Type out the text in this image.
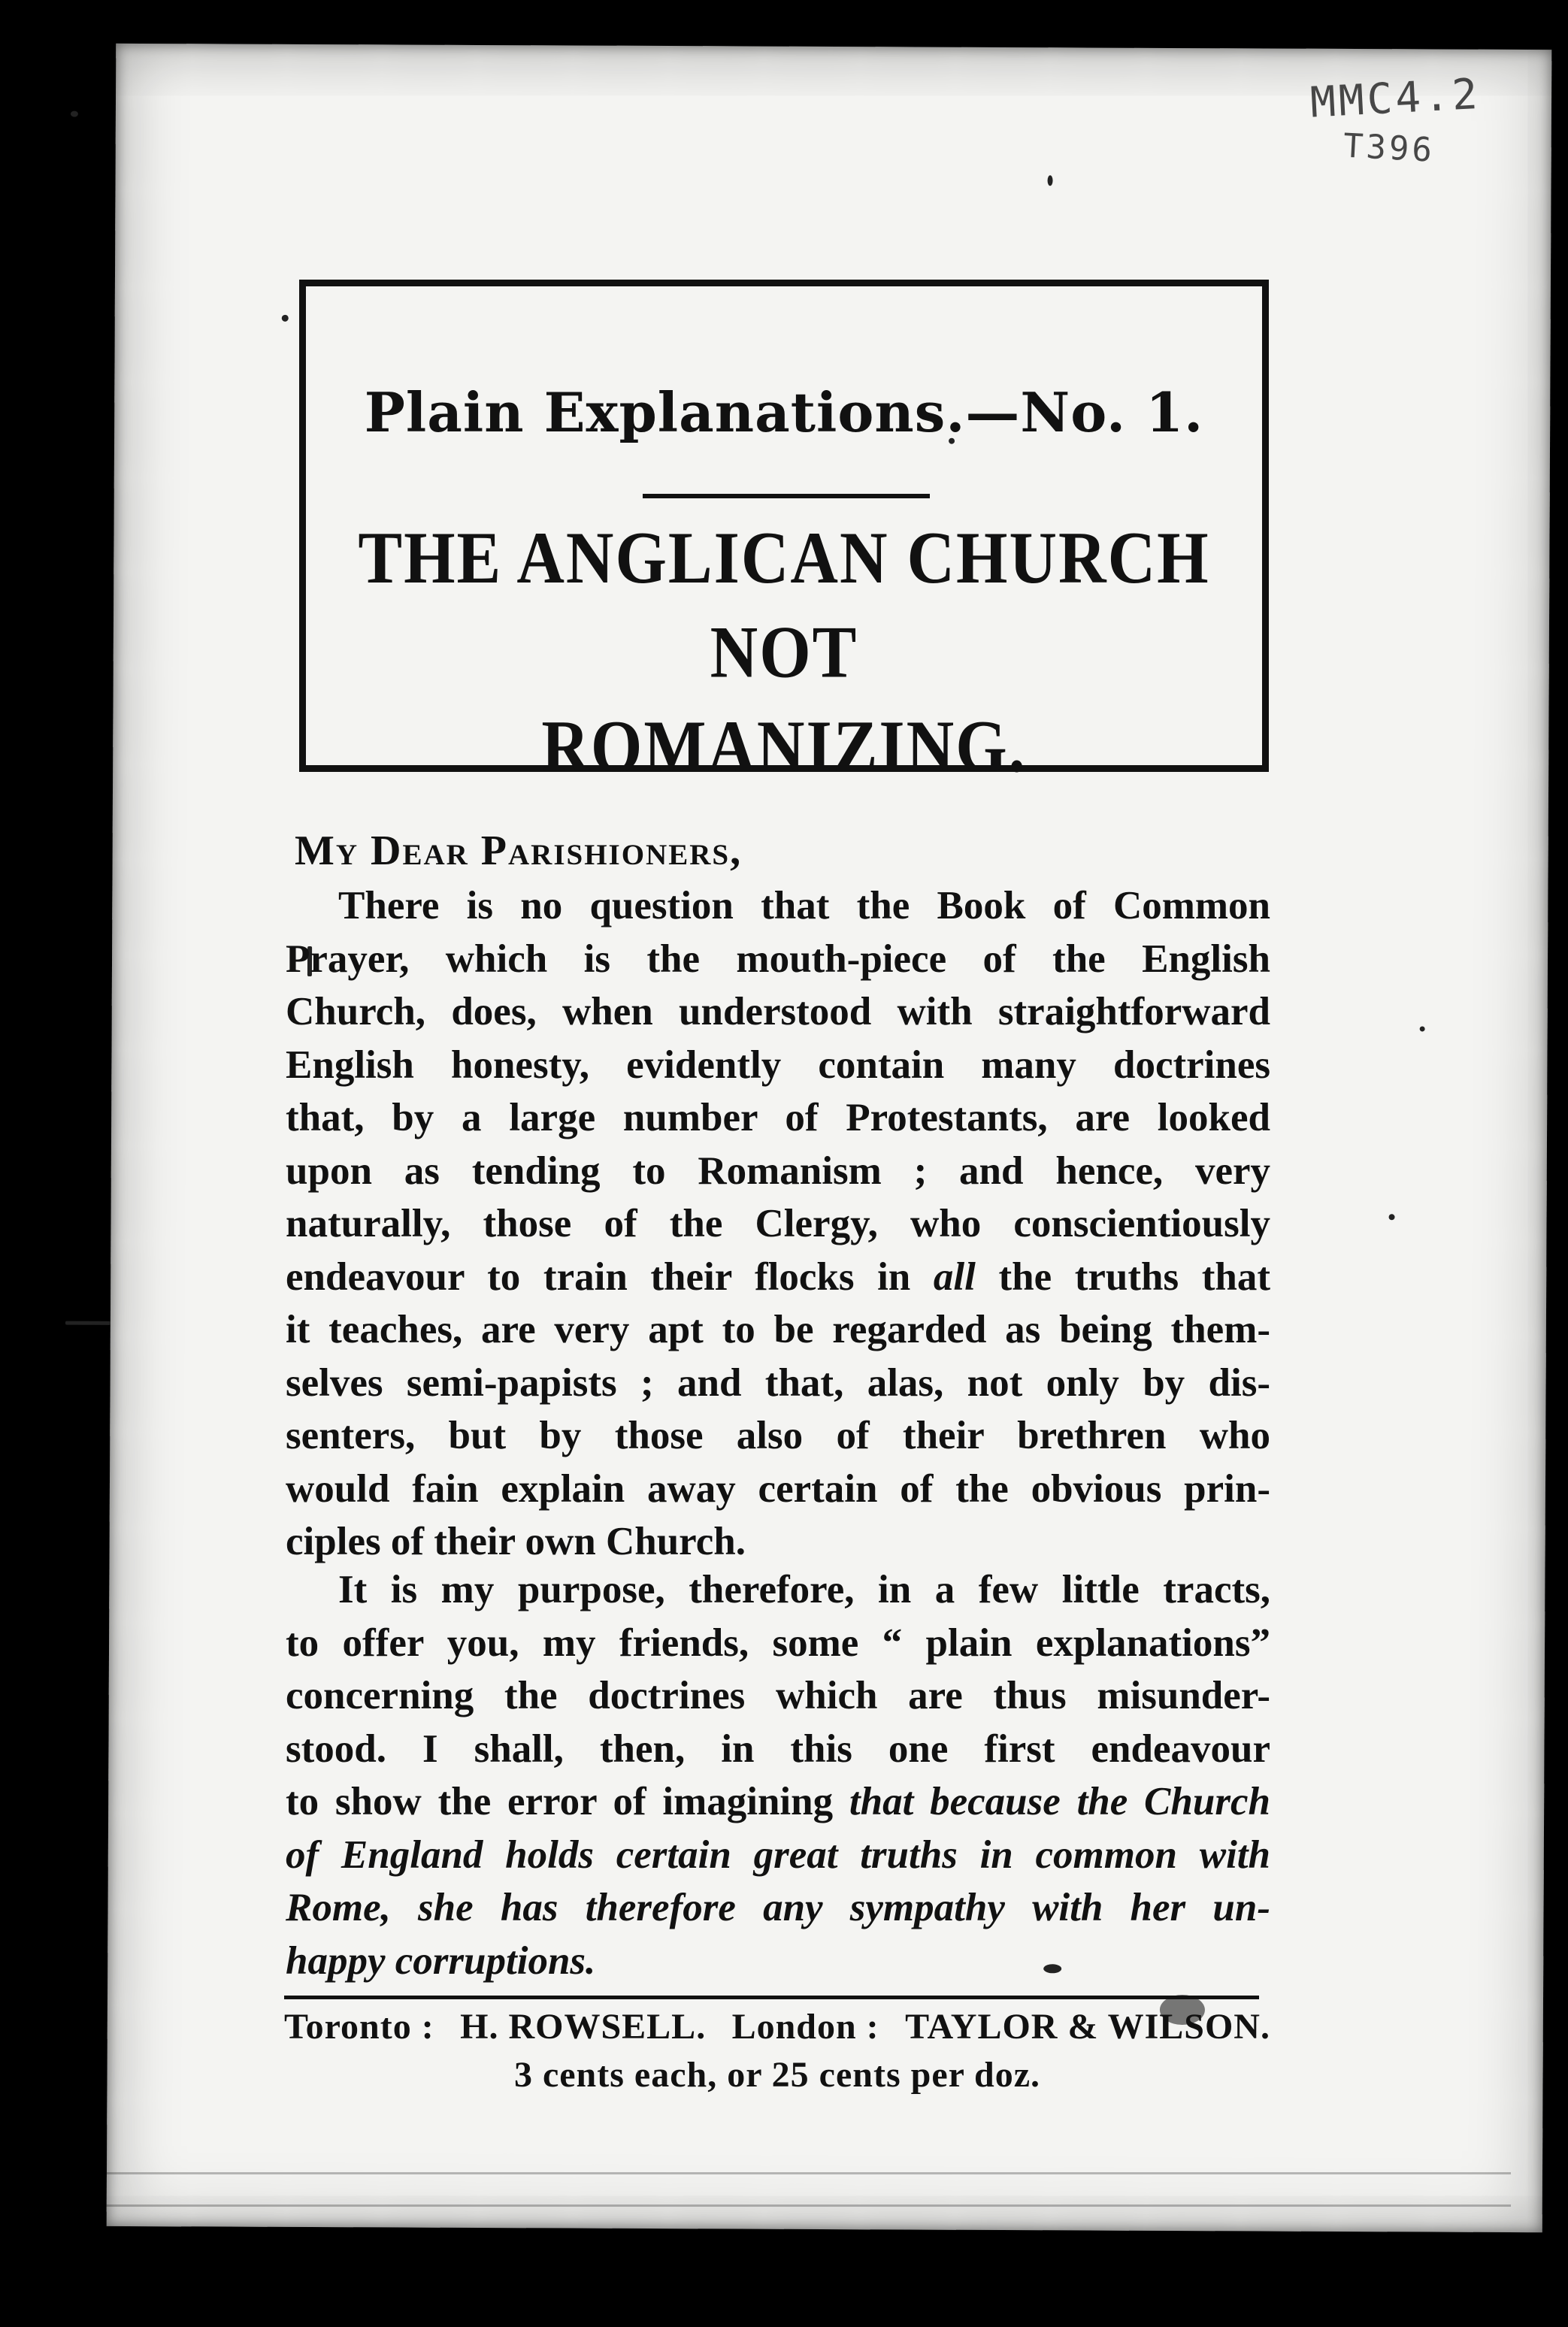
MMC4.2
T396
Plain Explanations.—No. 1.
THE ANGLICAN CHURCH NOT
ROMANIZING.
My Dear Parishioners,
There is no question that the Book of Common
Prayer, which is the mouth-piece of the English
Church, does, when understood with straightforward
English honesty, evidently contain many doctrines
that, by a large number of Protestants, are looked
upon as tending to Romanism ; and hence, very
naturally, those of the Clergy, who conscientiously
endeavour to train their flocks in all the truths that
it teaches, are very apt to be regarded as being them-
selves semi-papists ; and that, alas, not only by dis-
senters, but by those also of their brethren who
would fain explain away certain of the obvious prin-
ciples of their own Church.
It is my purpose, therefore, in a few little tracts,
to offer you, my friends, some “ plain explanations”
concerning the doctrines which are thus misunder-
stood. I shall, then, in this one first endeavour
to show the error of imagining that because the Church
of England holds certain great truths in common with
Rome, she has therefore any sympathy with her un-
happy corruptions.
Toronto : H. ROWSELL. London : TAYLOR & WILSON.
3 cents each, or 25 cents per doz.
